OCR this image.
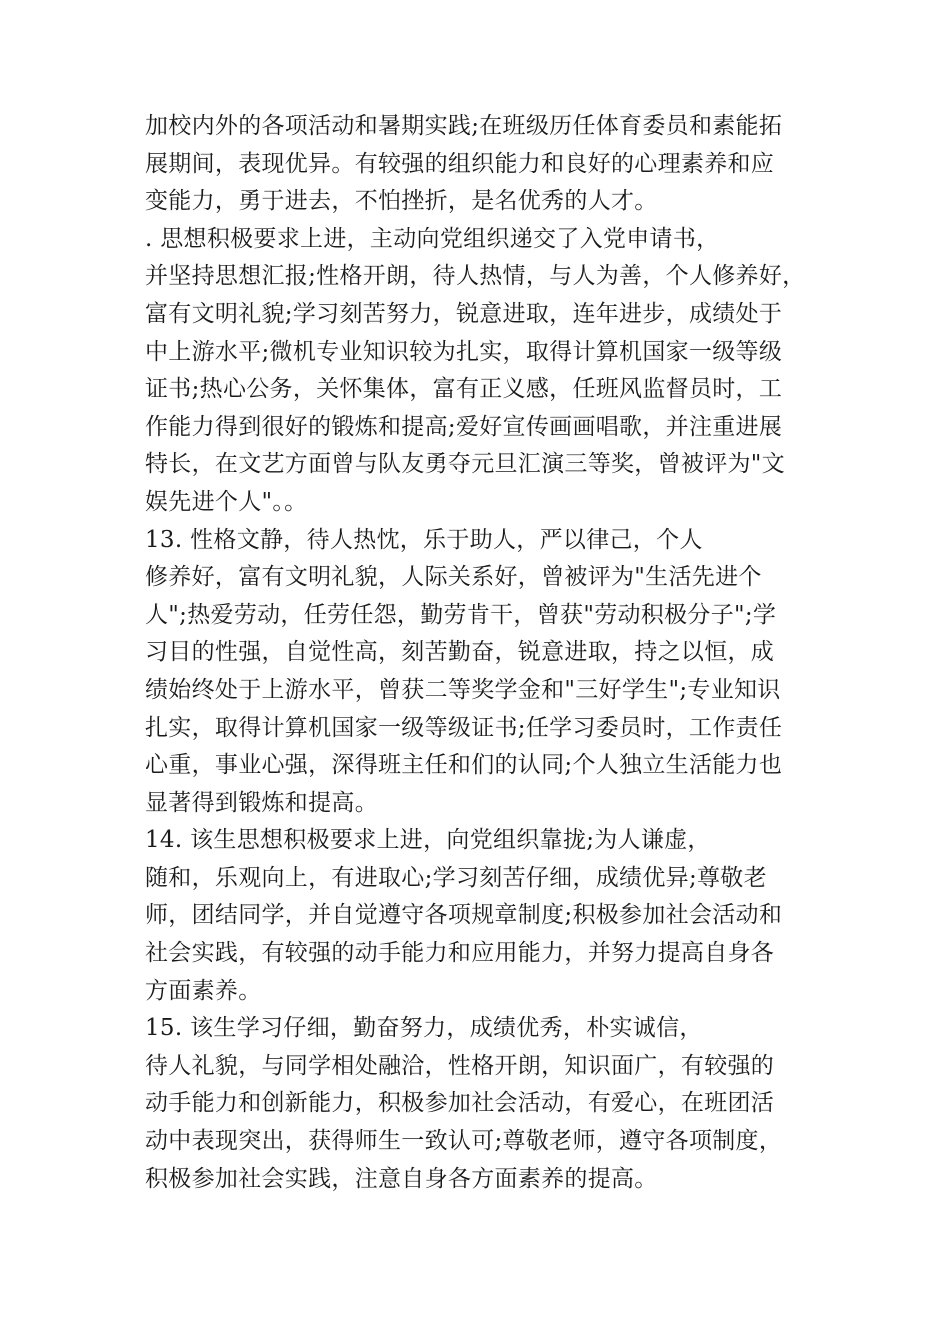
加校内外的各项活动和暑期实践;在班级历任体育委员和素能拓
展期间，表现优异。有较强的组织能力和良好的心理素养和应
变能力，勇于进去，不怕挫折，是名优秀的人才。

. 思想积极要求上进，主动向党组织递交了入党申请书，
并坚持思想汇报;性格开朗，待人热情，与人为善，个人修养好，
富有文明礼貌;学习刻苦努力，锐意进取，连年进步，成绩处于
中上游水平;微机专业知识较为扎实，取得计算机国家一级等级
证书;热心公务，关怀集体，富有正义感，任班风监督员时，工
作能力得到很好的锻炼和提高;爱好宣传画画唱歌，并注重进展
特长，在文艺方面曾与队友勇夺元旦汇演三等奖，曾被评为"文
娱先进个人"。。

13. 性格文静，待人热忱，乐于助人，严以律己，个人
修养好，富有文明礼貌，人际关系好，曾被评为"生活先进个
人";热爱劳动，任劳任怨，勤劳肯干，曾获"劳动积极分子";学
习目的性强，自觉性高，刻苦勤奋，锐意进取，持之以恒，成
绩始终处于上游水平，曾获二等奖学金和"三好学生";专业知识
扎实，取得计算机国家一级等级证书;任学习委员时，工作责任
心重，事业心强，深得班主任和们的认同;个人独立生活能力也
显著得到锻炼和提高。

14. 该生思想积极要求上进，向党组织靠拢;为人谦虚，
随和，乐观向上，有进取心;学习刻苦仔细，成绩优异;尊敬老
师，团结同学，并自觉遵守各项规章制度;积极参加社会活动和
社会实践，有较强的动手能力和应用能力，并努力提高自身各
方面素养。

15. 该生学习仔细，勤奋努力，成绩优秀，朴实诚信，
待人礼貌，与同学相处融洽，性格开朗，知识面广，有较强的
动手能力和创新能力，积极参加社会活动，有爱心，在班团活
动中表现突出，获得师生一致认可;尊敬老师，遵守各项制度，
积极参加社会实践，注意自身各方面素养的提高。
